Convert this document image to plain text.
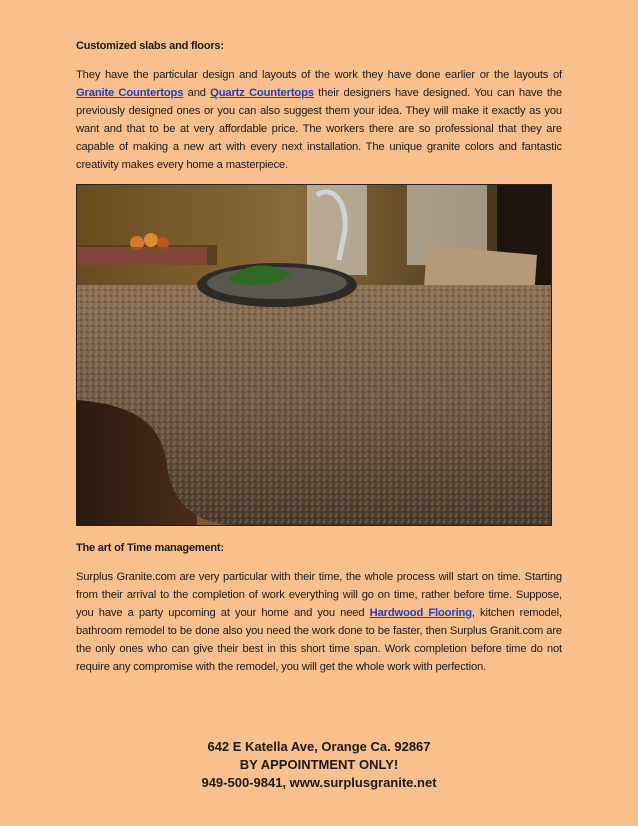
Customized slabs and floors:
They have the particular design and layouts of the work they have done earlier or the layouts of Granite Countertops and Quartz Countertops their designers have designed. You can have the previously designed ones or you can also suggest them your idea. They will make it exactly as you want and that to be at very affordable price. The workers there are so professional that they are capable of making a new art with every next installation. The unique granite colors and fantastic creativity makes every home a masterpiece.
The art of Time management:
Surplus Granite.com are very particular with their time, the whole process will start on time. Starting from their arrival to the completion of work everything will go on time, rather before time. Suppose, you have a party upcoming at your home and you need Hardwood Flooring, kitchen remodel, bathroom remodel to be done also you need the work done to be faster, then Surplus Granit.com are the only ones who can give their best in this short time span. Work completion before time do not require any compromise with the remodel, you will get the whole work with perfection.
642 E Katella Ave, Orange Ca. 92867
BY APPOINTMENT ONLY!
949-500-9841, www.surplusgranite.net
